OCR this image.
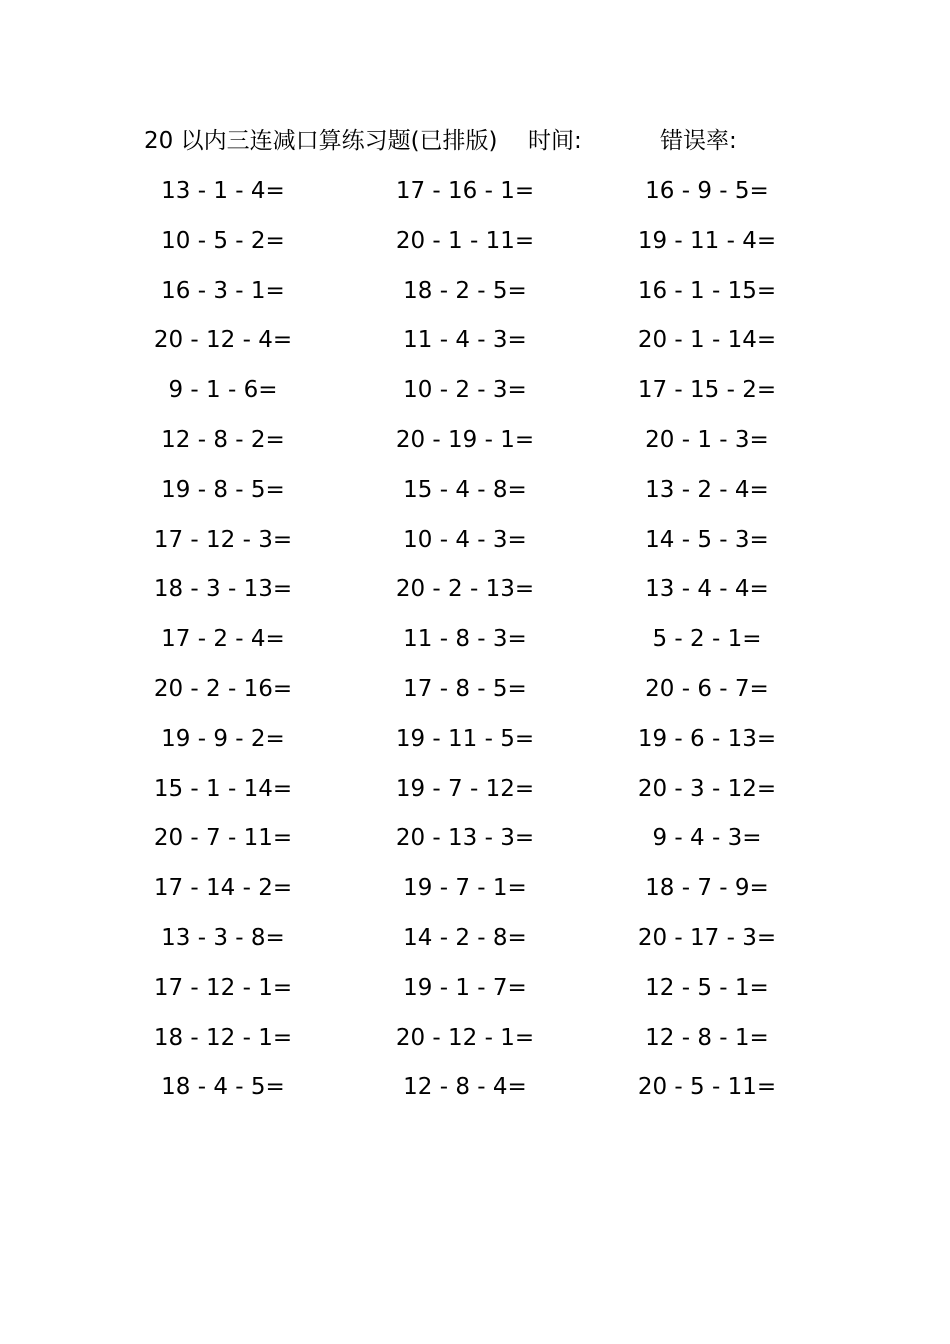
20 以内三连减口算练习题(已排版) 时间:	错误率:
13 - 1 - 4=	17 - 16 - 1=	16 - 9 - 5=
10 - 5 - 2=	20 - 1 - 11=	19 - 11 - 4=
16 - 3 - 1=	18 - 2 - 5=	16 - 1 - 15=
20 - 12 - 4=	11 - 4 - 3=	20 - 1 - 14=
9 - 1 - 6=	10 - 2 - 3=	17 - 15 - 2=
12 - 8 - 2=	20 - 19 - 1=	20 - 1 - 3=
19 - 8 - 5=	15 - 4 - 8=	13 - 2 - 4=
17 - 12 - 3=	10 - 4 - 3=	14 - 5 - 3=
18 - 3 - 13=	20 - 2 - 13=	13 - 4 - 4=
17 - 2 - 4=	11 - 8 - 3=	5 - 2 - 1=
20 - 2 - 16=	17 - 8 - 5=	20 - 6 - 7=
19 - 9 - 2=	19 - 11 - 5=	19 - 6 - 13=
15 - 1 - 14=	19 - 7 - 12=	20 - 3 - 12=
20 - 7 - 11=	20 - 13 - 3=	9 - 4 - 3=
17 - 14 - 2=	19 - 7 - 1=	18 - 7 - 9=
13 - 3 - 8=	14 - 2 - 8=	20 - 17 - 3=
17 - 12 - 1=	19 - 1 - 7=	12 - 5 - 1=
18 - 12 - 1=	20 - 12 - 1=	12 - 8 - 1=
18 - 4 - 5=	12 - 8 - 4=	20 - 5 - 11=
